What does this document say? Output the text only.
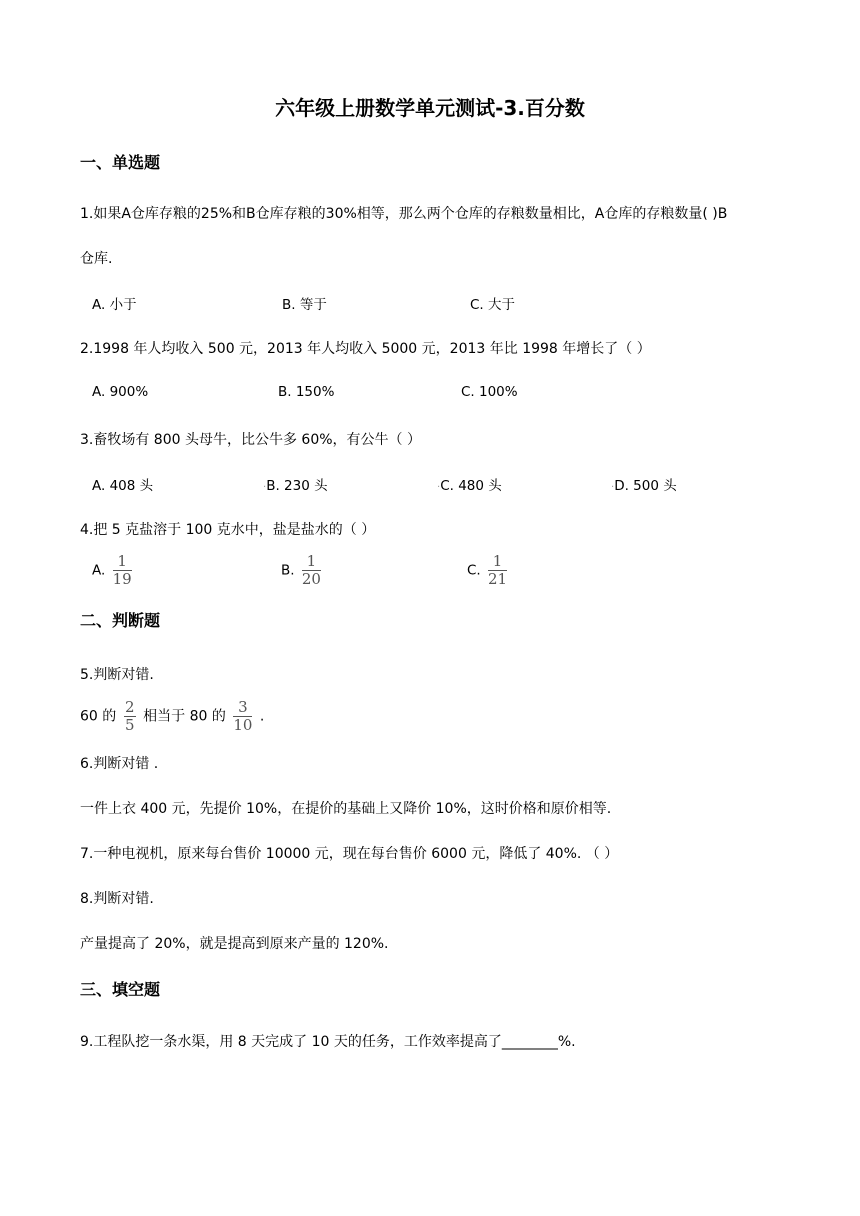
六年级上册数学单元测试-3.百分数
一、单选题
1.如果A仓库存粮的25%和B仓库存粮的30%相等，那么两个仓库的存粮数量相比，A仓库的存粮数量( )B
仓库.
A. 小于	B. 等于	C. 大于
2.1998 年人均收入 500 元，2013 年人均收入 5000 元，2013 年比 1998 年增长了（ ）
A. 900%	B. 150%	C. 100%
3.畜牧场有 800 头母牛，比公牛多 60%，有公牛（ ）
A. 408 头	·B. 230 头	·C. 480 头	·D. 500 头
4.把 5 克盐溶于 100 克水中，盐是盐水的（ ）
A. $\frac{1}{19}$	B. $\frac{1}{20}$	C. $\frac{1}{21}$
二、判断题
5.判断对错.
60 的 $\frac{2}{5}$ 相当于 80 的 $\frac{3}{10}$ .
6.判断对错 .
一件上衣 400 元，先提价 10%，在提价的基础上又降价 10%，这时价格和原价相等.
7.一种电视机，原来每台售价 10000 元，现在每台售价 6000 元，降低了 40%. （ ）
8.判断对错.
产量提高了 20%，就是提高到原来产量的 120%.
三、填空题
9.工程队挖一条水渠，用 8 天完成了 10 天的任务，工作效率提高了________%.
